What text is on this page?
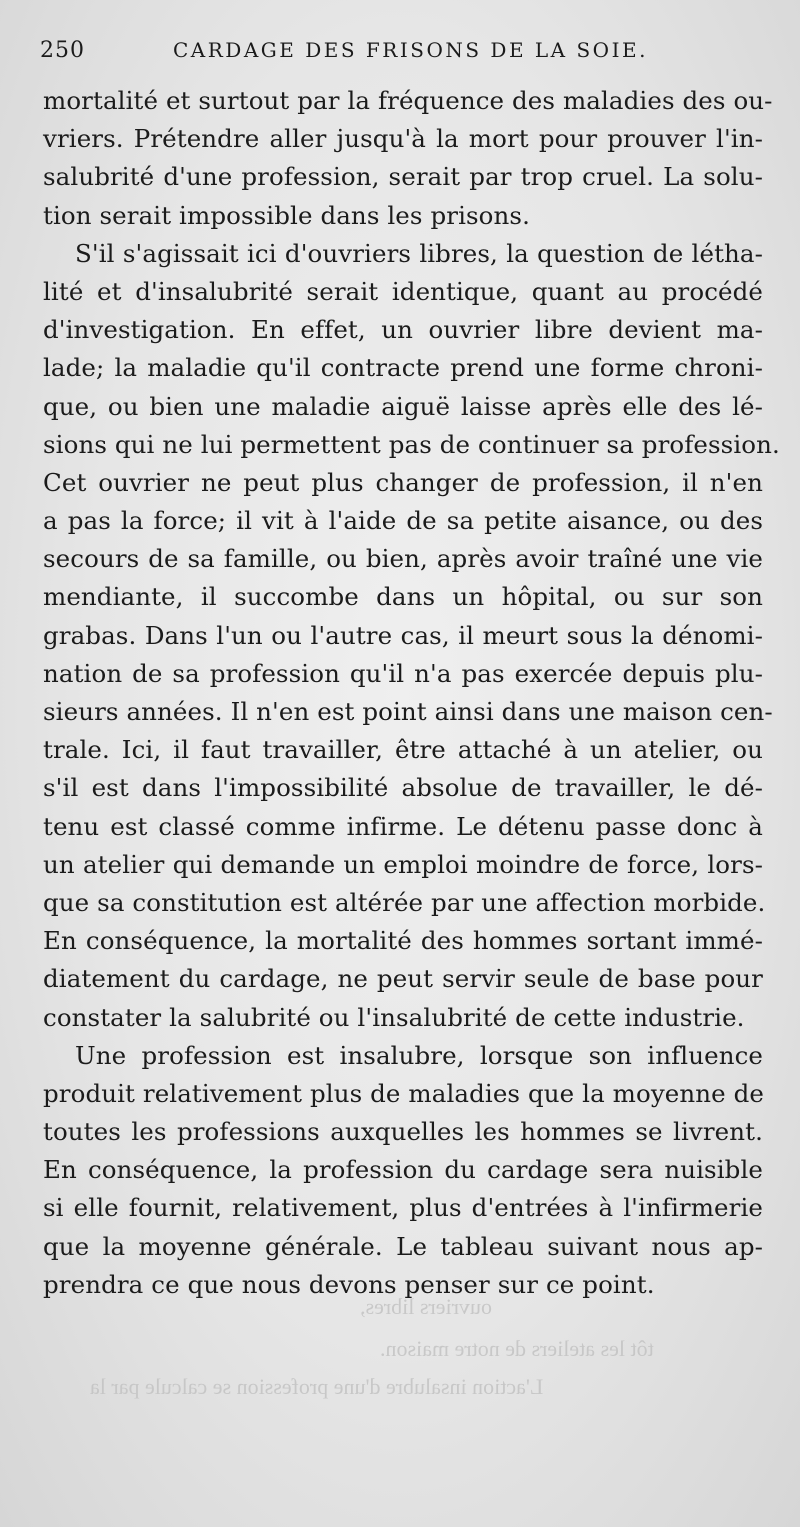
ouvriers libres,
tôt les ateliers de notre maison.
L'action insalubre d'une profession se calcule par la
250	CARDAGE DES FRISONS DE LA SOIE.
mortalité et surtout par la fréquence des maladies des ou-
vriers. Prétendre aller jusqu'à la mort pour prouver l'in-
salubrité d'une profession, serait par trop cruel. La solu-
tion serait impossible dans les prisons.
S'il s'agissait ici d'ouvriers libres, la question de létha-
lité et d'insalubrité serait identique, quant au procédé
d'investigation. En effet, un ouvrier libre devient ma-
lade; la maladie qu'il contracte prend une forme chroni-
que, ou bien une maladie aiguë laisse après elle des lé-
sions qui ne lui permettent pas de continuer sa profession.
Cet ouvrier ne peut plus changer de profession, il n'en
a pas la force; il vit à l'aide de sa petite aisance, ou des
secours de sa famille, ou bien, après avoir traîné une vie
mendiante, il succombe dans un hôpital, ou sur son
grabas. Dans l'un ou l'autre cas, il meurt sous la dénomi-
nation de sa profession qu'il n'a pas exercée depuis plu-
sieurs années. Il n'en est point ainsi dans une maison cen-
trale. Ici, il faut travailler, être attaché à un atelier, ou
s'il est dans l'impossibilité absolue de travailler, le dé-
tenu est classé comme infirme. Le détenu passe donc à
un atelier qui demande un emploi moindre de force, lors-
que sa constitution est altérée par une affection morbide.
En conséquence, la mortalité des hommes sortant immé-
diatement du cardage, ne peut servir seule de base pour
constater la salubrité ou l'insalubrité de cette industrie.
Une profession est insalubre, lorsque son influence
produit relativement plus de maladies que la moyenne de
toutes les professions auxquelles les hommes se livrent.
En conséquence, la profession du cardage sera nuisible
si elle fournit, relativement, plus d'entrées à l'infirmerie
que la moyenne générale. Le tableau suivant nous ap-
prendra ce que nous devons penser sur ce point.
